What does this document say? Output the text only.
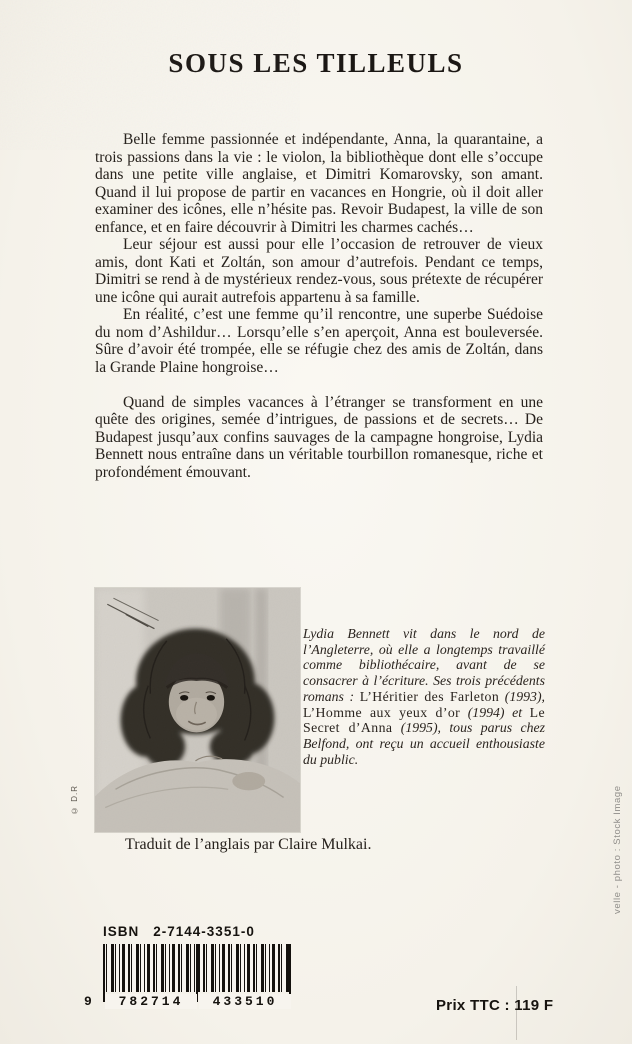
SOUS LES TILLEULS

Belle femme passionnée et indépendante, Anna, la quarantaine, a trois passions dans la vie : le violon, la bibliothèque dont elle s’occupe dans une petite ville anglaise, et Dimitri Komarovsky, son amant. Quand il lui propose de partir en vacances en Hongrie, où il doit aller examiner des icônes, elle n’hésite pas. Revoir Budapest, la ville de son enfance, et en faire découvrir à Dimitri les charmes cachés…

Leur séjour est aussi pour elle l’occasion de retrouver de vieux amis, dont Kati et Zoltán, son amour d’autrefois. Pendant ce temps, Dimitri se rend à de mystérieux rendez-vous, sous prétexte de récupérer une icône qui aurait autrefois appartenu à sa famille.

En réalité, c’est une femme qu’il rencontre, une superbe Suédoise du nom d’Ashildur… Lorsqu’elle s’en aperçoit, Anna est bouleversée. Sûre d’avoir été trompée, elle se réfugie chez des amis de Zoltán, dans la Grande Plaine hongroise…

Quand de simples vacances à l’étranger se transforment en une quête des origines, semée d’intrigues, de passions et de secrets… De Budapest jusqu’aux confins sauvages de la campagne hongroise, Lydia Bennett nous entraîne dans un véritable tourbillon romanesque, riche et profondément émouvant.

© D.R
Lydia Bennett vit dans le nord de l’Angleterre, où elle a longtemps travaillé comme bibliothécaire, avant de se consacrer à l’écriture. Ses trois précédents romans : L’Héritier des Farleton (1993), L’Homme aux yeux d’or (1994) et Le Secret d’Anna (1995), tous parus chez Belfond, ont reçu un accueil enthousiaste du public.
Traduit de l’anglais par Claire Mulkai.
ISBN 2-7144-3351-0
9	782714	433510	Prix TTC : 119 F
velle - photo : Stock Image
